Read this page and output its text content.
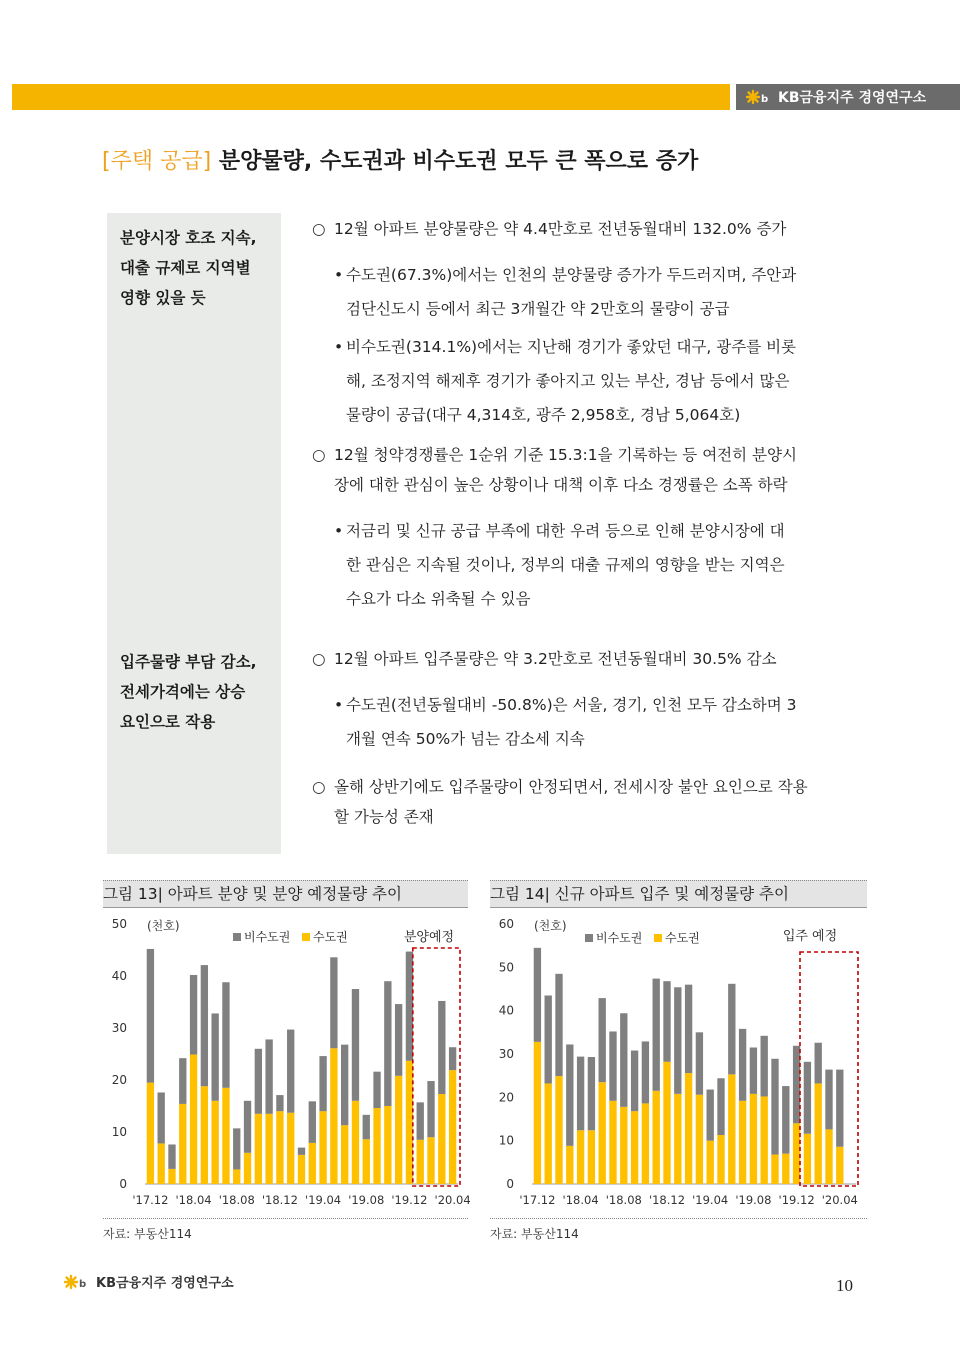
b KB금융지주 경영연구소
[주택 공급] 분양물량, 수도권과 비수도권 모두 큰 폭으로 증가
분양시장 호조 지속,
대출 규제로 지역별
영향 있을 듯
입주물량 부담 감소,
전세가격에는 상승
요인으로 작용
○ 12월 아파트 분양물량은 약 4.4만호로 전년동월대비 132.0% 증가
• 수도권(67.3%)에서는 인천의 분양물량 증가가 두드러지며, 주안과
검단신도시 등에서 최근 3개월간 약 2만호의 물량이 공급
• 비수도권(314.1%)에서는 지난해 경기가 좋았던 대구, 광주를 비롯
해, 조정지역 해제후 경기가 좋아지고 있는 부산, 경남 등에서 많은
물량이 공급(대구 4,314호, 광주 2,958호, 경남 5,064호)
○ 12월 청약경쟁률은 1순위 기준 15.3:1을 기록하는 등 여전히 분양시
장에 대한 관심이 높은 상황이나 대책 이후 다소 경쟁률은 소폭 하락
• 저금리 및 신규 공급 부족에 대한 우려 등으로 인해 분양시장에 대
한 관심은 지속될 것이나, 정부의 대출 규제의 영향을 받는 지역은
수요가 다소 위축될 수 있음
○ 12월 아파트 입주물량은 약 3.2만호로 전년동월대비 30.5% 감소
• 수도권(전년동월대비 -50.8%)은 서울, 경기, 인천 모두 감소하며 3
개월 연속 50%가 넘는 감소세 지속
○ 올해 상반기에도 입주물량이 안정되면서, 전세시장 불안 요인으로 작용
할 가능성 존재
그림 13| 아파트 분양 및 분양 예정물량 추이	그림 14| 신규 아파트 입주 및 예정물량 추이
0
10
20
30
40
50 (천호)
'17.12 '18.04 '18.08 '18.12 '19.04 '19.08 '19.12 '20.04
분양예정
비수도권 수도권
0
10
20
30
40
50
60 (천호)
'17.12 '18.04 '18.08 '18.12 '19.04 '19.08 '19.12 '20.04
입주 예정
비수도권 수도권
자료: 부동산114	자료: 부동산114
b KB금융지주 경영연구소	10
